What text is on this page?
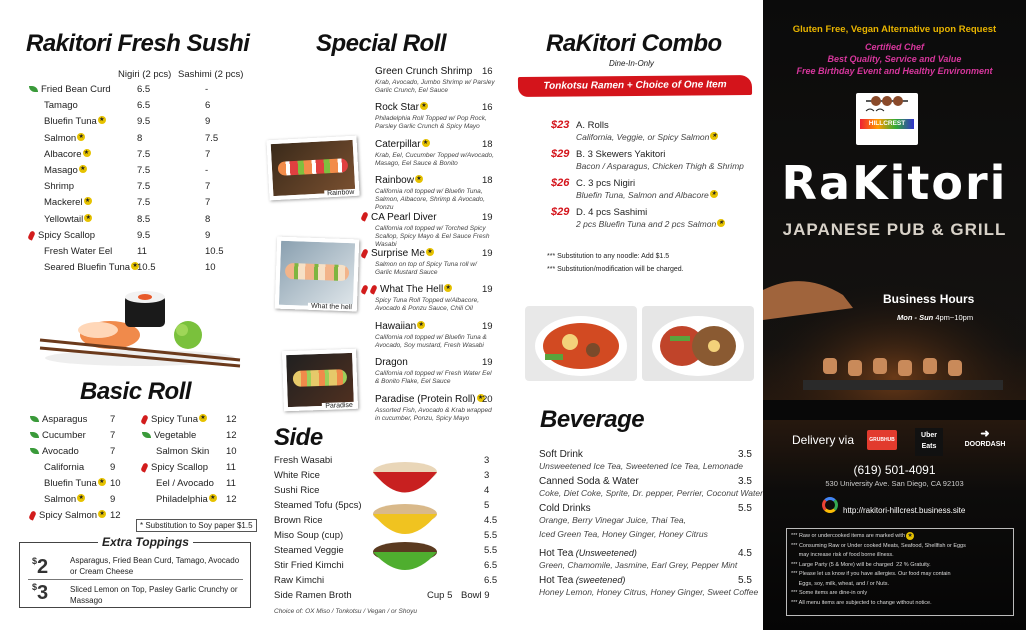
Rakitori Fresh Sushi
Nigiri (2 pcs) Sashimi (2 pcs)
Fried Bean Curd	6.5	-
Tamago	6.5	6
Bluefin Tuna ★	9.5	9
Salmon ★	8	7.5
Albacore ★	7.5	7
Masago ★	7.5	-
Shrimp	7.5	7
Mackerel ★	7.5	7
Yellowtail ★	8.5	8
Spicy Scallop	9.5	9
Fresh Water Eel	11	10.5
Seared Bluefin Tuna ★ 10.5	10
Basic Roll
Asparagus 7
Cucumber	7
Avocado	7
California	9
Bluefin Tuna ★ 10
Salmon ★	9
Spicy Salmon ★ 12
Spicy Tuna ★ 12
Vegetable	12
Salmon Skin 10
Spicy Scallop 11
Eel / Avocado 11
Philadelphia ★ 12
* Substitution to Soy paper $1.5
Extra Toppings
$2	Asparagus, Fried Bean Curd, Tamago, Avocado or Cream Cheese
$3	Sliced Lemon on Top, Pasley Garlic Crunchy or Massago
Special Roll
Green Crunch Shrimp 16
Krab, Avocado, Jumbo Shrimp w/ Parsley Garlic Crunch, Eel Sauce
Rock Star ★	16
Philadelphia Roll Topped w/ Pop Rock, Parsley Garlic Crunch & Spicy Mayo
Caterpillar ★	18
Krab, Eel, Cucumber Topped w/Avocado, Masago, Eel Sauce & Bonito
Rainbow ★	18
California roll topped w/ Bluefin Tuna, Salmon, Albacore, Shrimp & Avocado, Ponzu
CA Pearl Diver	19
California roll topped w/ Torched Spicy Scallop, Spicy Mayo & Eel Sauce Fresh Wasabi
Surprise Me ★	19
Salmon on top of Spicy Tuna roll w/ Garlic Mustard Sauce
What The Hell ★	19
Spicy Tuna Roll Topped w/Albacore, Avocado & Ponzu Sauce, Chili Oil
Hawaiian ★	19
California roll topped w/ Bluefin Tuna & Avocado, Soy mustard, Fresh Wasabi
Dragon	19
California roll topped w/ Fresh Water Eel & Bonito Flake, Eel Sauce
Paradise (Protein Roll) ★
20
Assorted Fish, Avocado & Krab wrapped in cucumber, Ponzu, Spicy Mayo
Rainbow
What the hell
Paradise
Side
Fresh Wasabi	3
White Rice	3
Sushi Rice	4
Steamed Tofu (5pcs)	5
Brown Rice	4.5
Miso Soup (cup)	5.5
Steamed Veggie	5.5
Stir Fried Kimchi	6.5
Raw Kimchi	6.5
Side Ramen Broth	Cup 5 Bowl 9
Choice of: OX Miso / Tonkotsu / Vegan / or Shoyu
RaKitori Combo
Dine-In-Only
Tonkotsu Ramen + Choice of One Item
$23 A. Rolls
California, Veggie, or Spicy Salmon ★
$29 B. 3 Skewers Yakitori
Bacon / Asparagus, Chicken Thigh & Shrimp
$26 C. 3 pcs Nigiri
Bluefin Tuna, Salmon and Albacore ★
$29 D. 4 pcs Sashimi
2 pcs Bluefin Tuna and 2 pcs Salmon ★
*** Substitution to any noodle: Add $1.5
*** Substitution/modification will be charged.
Beverage
Soft Drink	3.5
Unsweetened Ice Tea, Sweetened Ice Tea, Lemonade
Canned Soda & Water	3.5
Coke, Diet Coke, Sprite, Dr. pepper, Perrier, Coconut Water
Cold Drinks	5.5
Orange, Berry Vinegar Juice, Thai Tea,
Iced Green Tea, Honey Ginger, Honey Citrus
Hot Tea (Unsweetened)	4.5
Green, Chamomile, Jasmine, Earl Grey, Pepper Mint
Hot Tea (sweetened)	5.5
Honey Lemon, Honey Citrus, Honey Ginger, Sweet Coffee
Gluten Free, Vegan Alternative upon Request
Certified Chef
Best Quality, Service and Value
Free Birthday Event and Healthy Environment
HILLCREST
RaKitori
JAPANESE PUB & GRILL
Business Hours
Mon - Sun 4pm~10pm
Delivery via	GRUBHUB
Uber Eats
➜
DOORDASH
(619) 501-4091
530 University Ave. San Diego, CA 92103
http://rakitori-hillcrest.business.site
*** Raw or undercooked items are marked with ★
*** Consuming Raw or Under cooked Meats, Seafood, Shellfish or Eggs
may increase risk of food borne illness.
*** Large Party (5 & More) will be charged  22 % Gratuity.
*** Please let us know if you have allergies. Our food may contain
Eggs, soy, milk, wheat, and / or Nuts.
*** Some items are dine-in only
*** All menu items are subjected to change without notice.
